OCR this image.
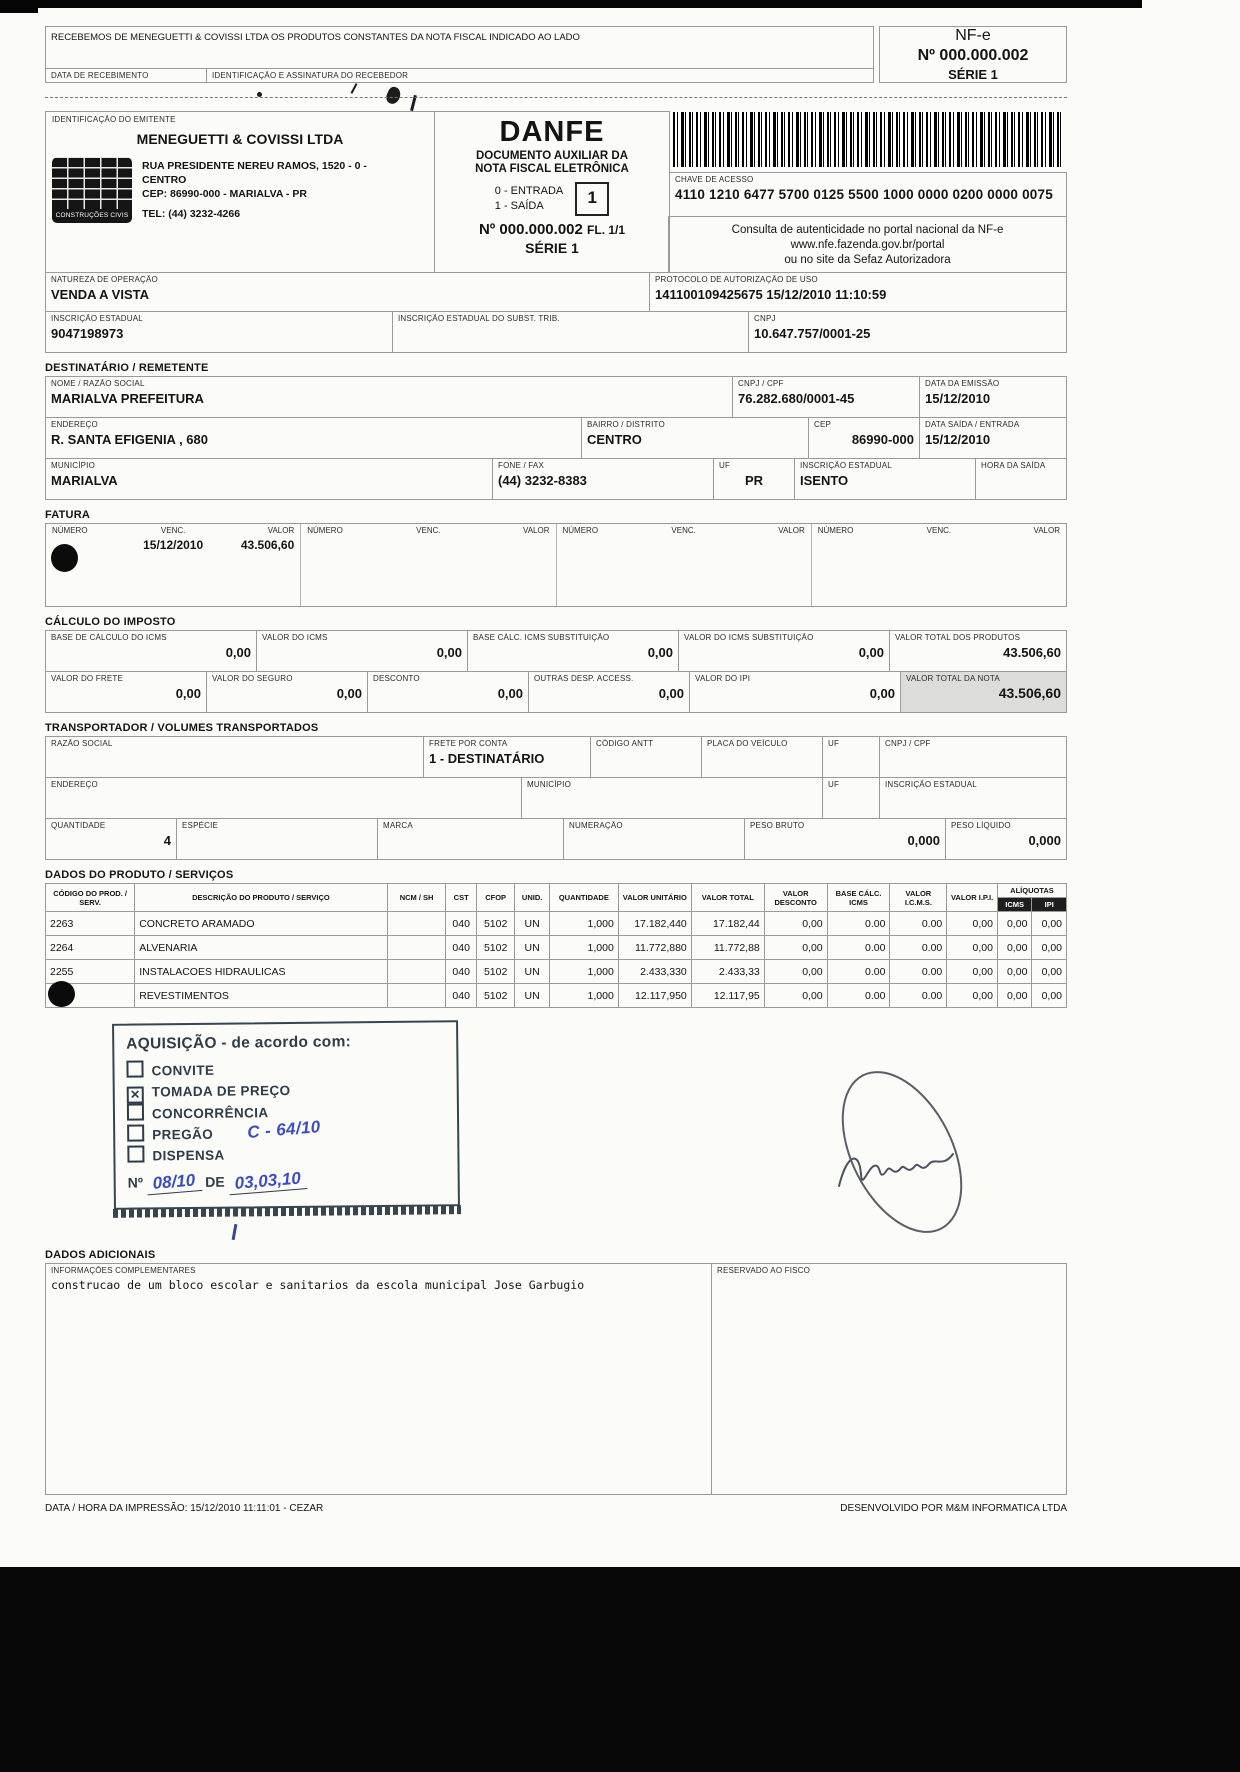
RECEBEMOS DE MENEGUETTI & COVISSI LTDA OS PRODUTOS CONSTANTES DA NOTA FISCAL INDICADO AO LADO
DATA DE RECEBIMENTO	IDENTIFICAÇÃO E ASSINATURA DO RECEBEDOR
NF-e
Nº 000.000.002
SÉRIE 1
IDENTIFICAÇÃO DO EMITENTE
MENEGUETTI & COVISSI LTDA
CONSTRUÇÕES CIVIS
RUA PRESIDENTE NEREU RAMOS, 1520 - 0 -
CENTRO
CEP: 86990-000 - MARIALVA - PR
TEL: (44) 3232-4266
DANFE
DOCUMENTO AUXILIAR DA NOTA FISCAL ELETRÔNICA
0 - ENTRADA
1 - SAÍDA	1
Nº 000.000.002 FL. 1/1
SÉRIE 1
CHAVE DE ACESSO
4110 1210 6477 5700 0125 5500 1000 0000 0200 0000 0075
Consulta de autenticidade no portal nacional da NF-e
www.nfe.fazenda.gov.br/portal
ou no site da Sefaz Autorizadora
NATUREZA DE OPERAÇÃO
VENDA A VISTA
PROTOCOLO DE AUTORIZAÇÃO DE USO
141100109425675 15/12/2010 11:10:59
INSCRIÇÃO ESTADUAL
9047198973
INSCRIÇÃO ESTADUAL DO SUBST. TRIB.	CNPJ
10.647.757/0001-25
DESTINATÁRIO / REMETENTE
NOME / RAZÃO SOCIAL
MARIALVA PREFEITURA
CNPJ / CPF
76.282.680/0001-45
DATA DA EMISSÃO
15/12/2010
ENDEREÇO
R. SANTA EFIGENIA , 680
BAIRRO / DISTRITO
CENTRO
CEP
86990-000
DATA SAÍDA / ENTRADA
15/12/2010
MUNICÍPIO
MARIALVA
FONE / FAX
(44) 3232-8383
UF
PR
INSCRIÇÃO ESTADUAL
ISENTO
HORA DA SAÍDA
FATURA
NÚMERO	VENC.	VALOR
15/12/2010	43.506,60
NÚMERO	VENC.	VALOR NÚMERO	VENC.	VALOR NÚMERO	VENC.	VALOR
CÁLCULO DO IMPOSTO
BASE DE CÁLCULO DO ICMS
0,00
VALOR DO ICMS
0,00
BASE CÁLC. ICMS SUBSTITUIÇÃO
0,00
VALOR DO ICMS SUBSTITUIÇÃO
0,00
VALOR TOTAL DOS PRODUTOS
43.506,60
VALOR DO FRETE
0,00
VALOR DO SEGURO
0,00
DESCONTO
0,00
OUTRAS DESP. ACCESS.
0,00
VALOR DO IPI
0,00
VALOR TOTAL DA NOTA
43.506,60
TRANSPORTADOR / VOLUMES TRANSPORTADOS
RAZÃO SOCIAL	FRETE POR CONTA
1 - DESTINATÁRIO
CÓDIGO ANTT	PLACA DO VEÍCULO	UF	CNPJ / CPF
ENDEREÇO	MUNICÍPIO	UF	INSCRIÇÃO ESTADUAL
QUANTIDADE
4
ESPÉCIE	MARCA	NUMERAÇÃO	PESO BRUTO
0,000
PESO LÍQUIDO
0,000
DADOS DO PRODUTO / SERVIÇOS
CÓDIGO DO PROD. / SERV.	DESCRIÇÃO DO PRODUTO / SERVIÇO	NCM / SH	CST	CFOP	UNID.	QUANTIDADE	VALOR UNITÁRIO	VALOR TOTAL	VALOR DESCONTO	BASE CÁLC. ICMS	VALOR I.C.M.S.	VALOR I.P.I.	ALÍQUOTAS	
													ICMS	IPI
2263	CONCRETO ARAMADO		040	5102	UN	1,000	17.182,440	17.182,44	0,00	0.00	0.00	0,00	0,00	0,00
2264	ALVENARIA		040	5102	UN	1,000	11.772,880	11.772,88	0,00	0.00	0.00	0,00	0,00	0,00
2255	INSTALACOES HIDRAULICAS		040	5102	UN	1,000	2.433,330	2.433,33	0,00	0.00	0.00	0,00	0,00	0,00
	REVESTIMENTOS		040	5102	UN	1,000	12.117,950	12.117,95	0,00	0.00	0.00	0,00	0,00	0,00
AQUISIÇÃO - de acordo com:
CONVITE
✕ TOMADA DE PREÇO
CONCORRÊNCIA
PREGÃO C - 64/10
DISPENSA
Nº 08/10 DE 03,03,10
DADOS ADICIONAIS
INFORMAÇÕES COMPLEMENTARES
construcao de um bloco escolar e sanitarios da escola municipal Jose Garbugio
RESERVADO AO FISCO
DATA / HORA DA IMPRESSÃO: 15/12/2010 11:11:01 - CEZAR	DESENVOLVIDO POR M&M INFORMATICA LTDA
